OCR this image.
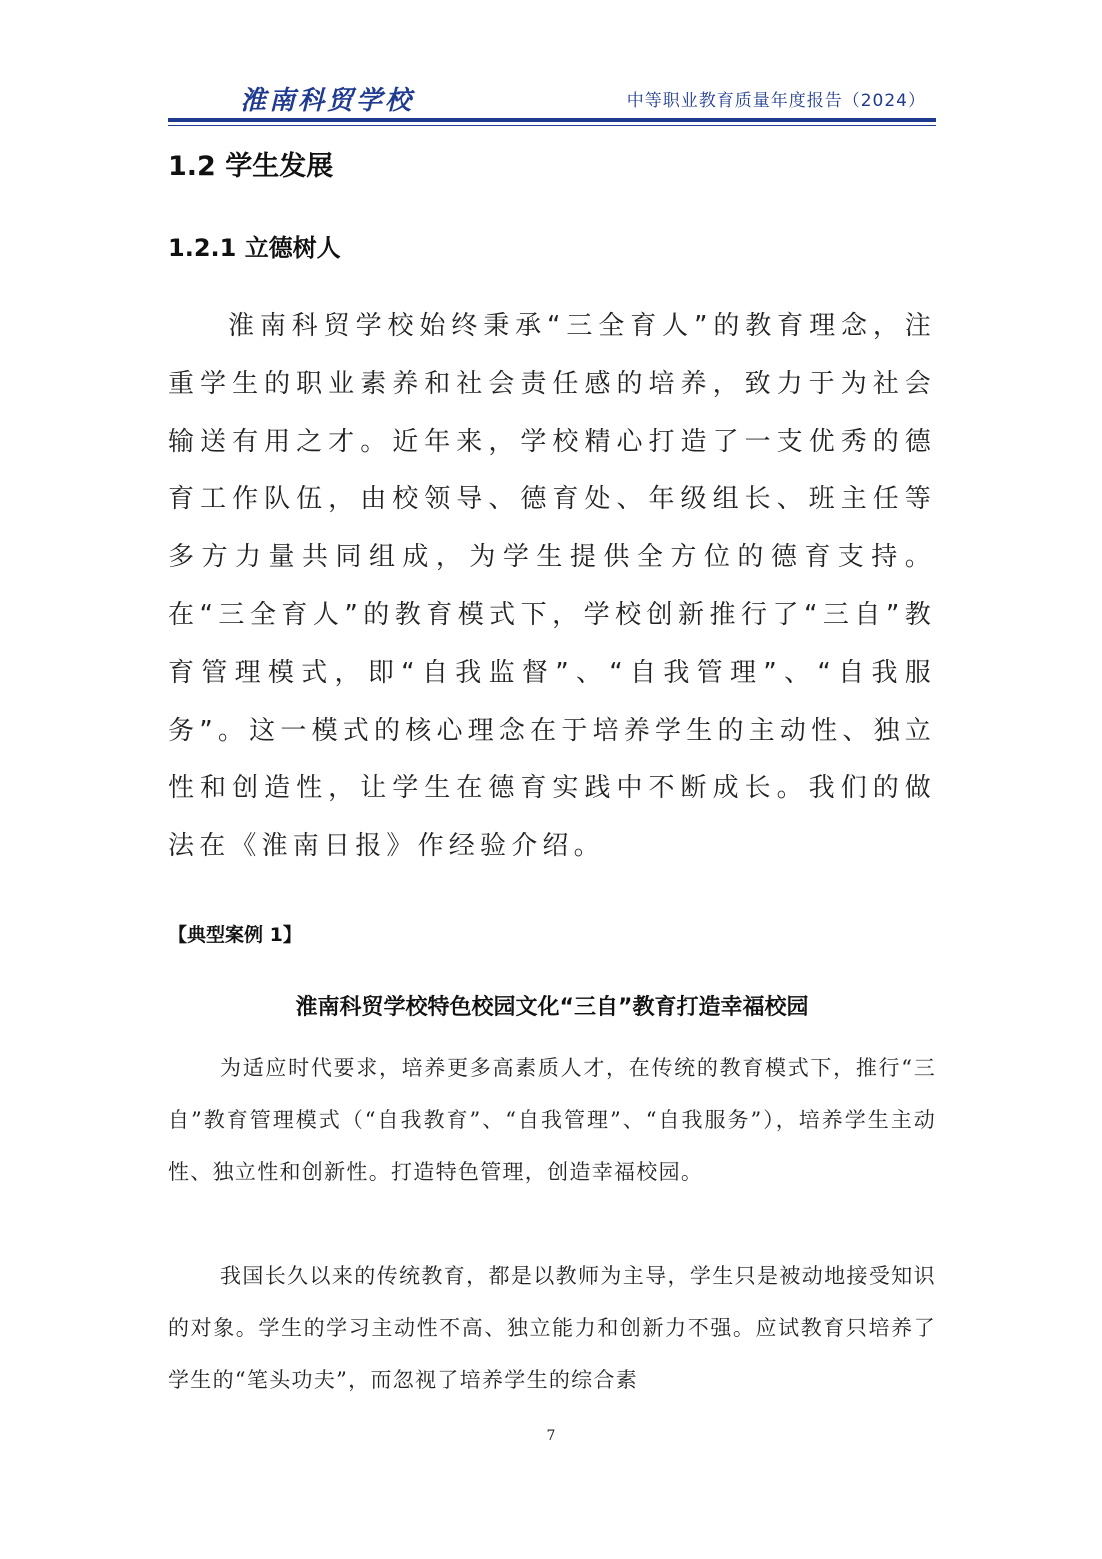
淮南科贸学校	中等职业教育质量年度报告（2024）
1.2 学生发展
1.2.1 立德树人

淮南科贸学校始终秉承“三全育人”的教育理念，注重学生的职业素养和社会责任感的培养，致力于为社会输送有用之才。近年来，学校精心打造了一支优秀的德育工作队伍，由校领导、德育处、年级组长、班主任等多方力量共同组成，为学生提供全方位的德育支持。在“三全育人”的教育模式下，学校创新推行了“三自”教育管理模式，即“自我监督”、“自我管理”、“自我服务”。这一模式的核心理念在于培养学生的主动性、独立性和创造性，让学生在德育实践中不断成长。我们的做法在《淮南日报》作经验介绍。

【典型案例 1】
淮南科贸学校特色校园文化“三自”教育打造幸福校园

为适应时代要求，培养更多高素质人才，在传统的教育模式下，推行“三自”教育管理模式（“自我教育”、“自我管理”、“自我服务”），培养学生主动性、独立性和创新性。打造特色管理，创造幸福校园。

我国长久以来的传统教育，都是以教师为主导，学生只是被动地接受知识的对象。学生的学习主动性不高、独立能力和创新力不强。应试教育只培养了学生的“笔头功夫”，而忽视了培养学生的综合素

7
